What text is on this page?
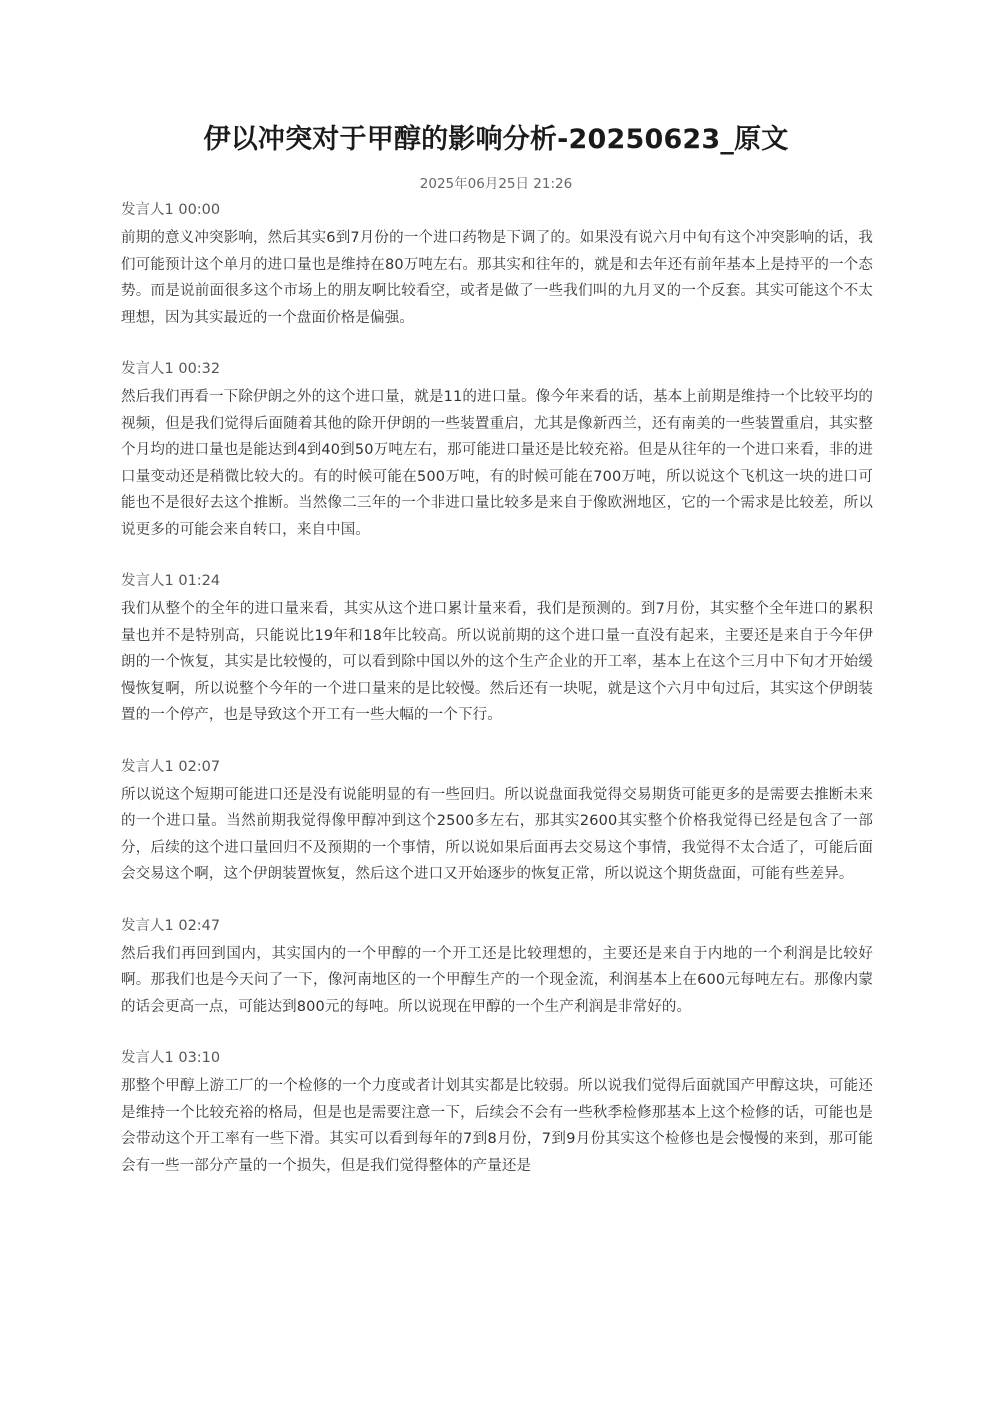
伊以冲突对于甲醇的影响分析-20250623_原文
2025年06月25日 21:26
发言人1 00:00
前期的意义冲突影响，然后其实6到7月份的一个进口药物是下调了的。如果没有说六月中旬有这个冲突影响的话，我们可能预计这个单月的进口量也是维持在80万吨左右。那其实和往年的，就是和去年还有前年基本上是持平的一个态势。而是说前面很多这个市场上的朋友啊比较看空，或者是做了一些我们叫的九月叉的一个反套。其实可能这个不太理想，因为其实最近的一个盘面价格是偏强。
发言人1 00:32
然后我们再看一下除伊朗之外的这个进口量，就是11的进口量。像今年来看的话，基本上前期是维持一个比较平均的视频，但是我们觉得后面随着其他的除开伊朗的一些装置重启，尤其是像新西兰，还有南美的一些装置重启，其实整个月均的进口量也是能达到4到40到50万吨左右，那可能进口量还是比较充裕。但是从往年的一个进口来看，非的进口量变动还是稍微比较大的。有的时候可能在500万吨，有的时候可能在700万吨，所以说这个飞机这一块的进口可能也不是很好去这个推断。当然像二三年的一个非进口量比较多是来自于像欧洲地区，它的一个需求是比较差，所以说更多的可能会来自转口，来自中国。
发言人1 01:24
我们从整个的全年的进口量来看，其实从这个进口累计量来看，我们是预测的。到7月份，其实整个全年进口的累积量也并不是特别高，只能说比19年和18年比较高。所以说前期的这个进口量一直没有起来，主要还是来自于今年伊朗的一个恢复，其实是比较慢的，可以看到除中国以外的这个生产企业的开工率，基本上在这个三月中下旬才开始缓慢恢复啊，所以说整个今年的一个进口量来的是比较慢。然后还有一块呢，就是这个六月中旬过后，其实这个伊朗装置的一个停产，也是导致这个开工有一些大幅的一个下行。
发言人1 02:07
所以说这个短期可能进口还是没有说能明显的有一些回归。所以说盘面我觉得交易期货可能更多的是需要去推断未来的一个进口量。当然前期我觉得像甲醇冲到这个2500多左右，那其实2600其实整个价格我觉得已经是包含了一部分，后续的这个进口量回归不及预期的一个事情，所以说如果后面再去交易这个事情，我觉得不太合适了，可能后面会交易这个啊，这个伊朗装置恢复，然后这个进口又开始逐步的恢复正常，所以说这个期货盘面，可能有些差异。
发言人1 02:47
然后我们再回到国内，其实国内的一个甲醇的一个开工还是比较理想的，主要还是来自于内地的一个利润是比较好啊。那我们也是今天问了一下，像河南地区的一个甲醇生产的一个现金流，利润基本上在600元每吨左右。那像内蒙的话会更高一点，可能达到800元的每吨。所以说现在甲醇的一个生产利润是非常好的。
发言人1 03:10
那整个甲醇上游工厂的一个检修的一个力度或者计划其实都是比较弱。所以说我们觉得后面就国产甲醇这块，可能还是维持一个比较充裕的格局，但是也是需要注意一下，后续会不会有一些秋季检修那基本上这个检修的话，可能也是会带动这个开工率有一些下滑。其实可以看到每年的7到8月份，7到9月份其实这个检修也是会慢慢的来到，那可能会有一些一部分产量的一个损失，但是我们觉得整体的产量还是
